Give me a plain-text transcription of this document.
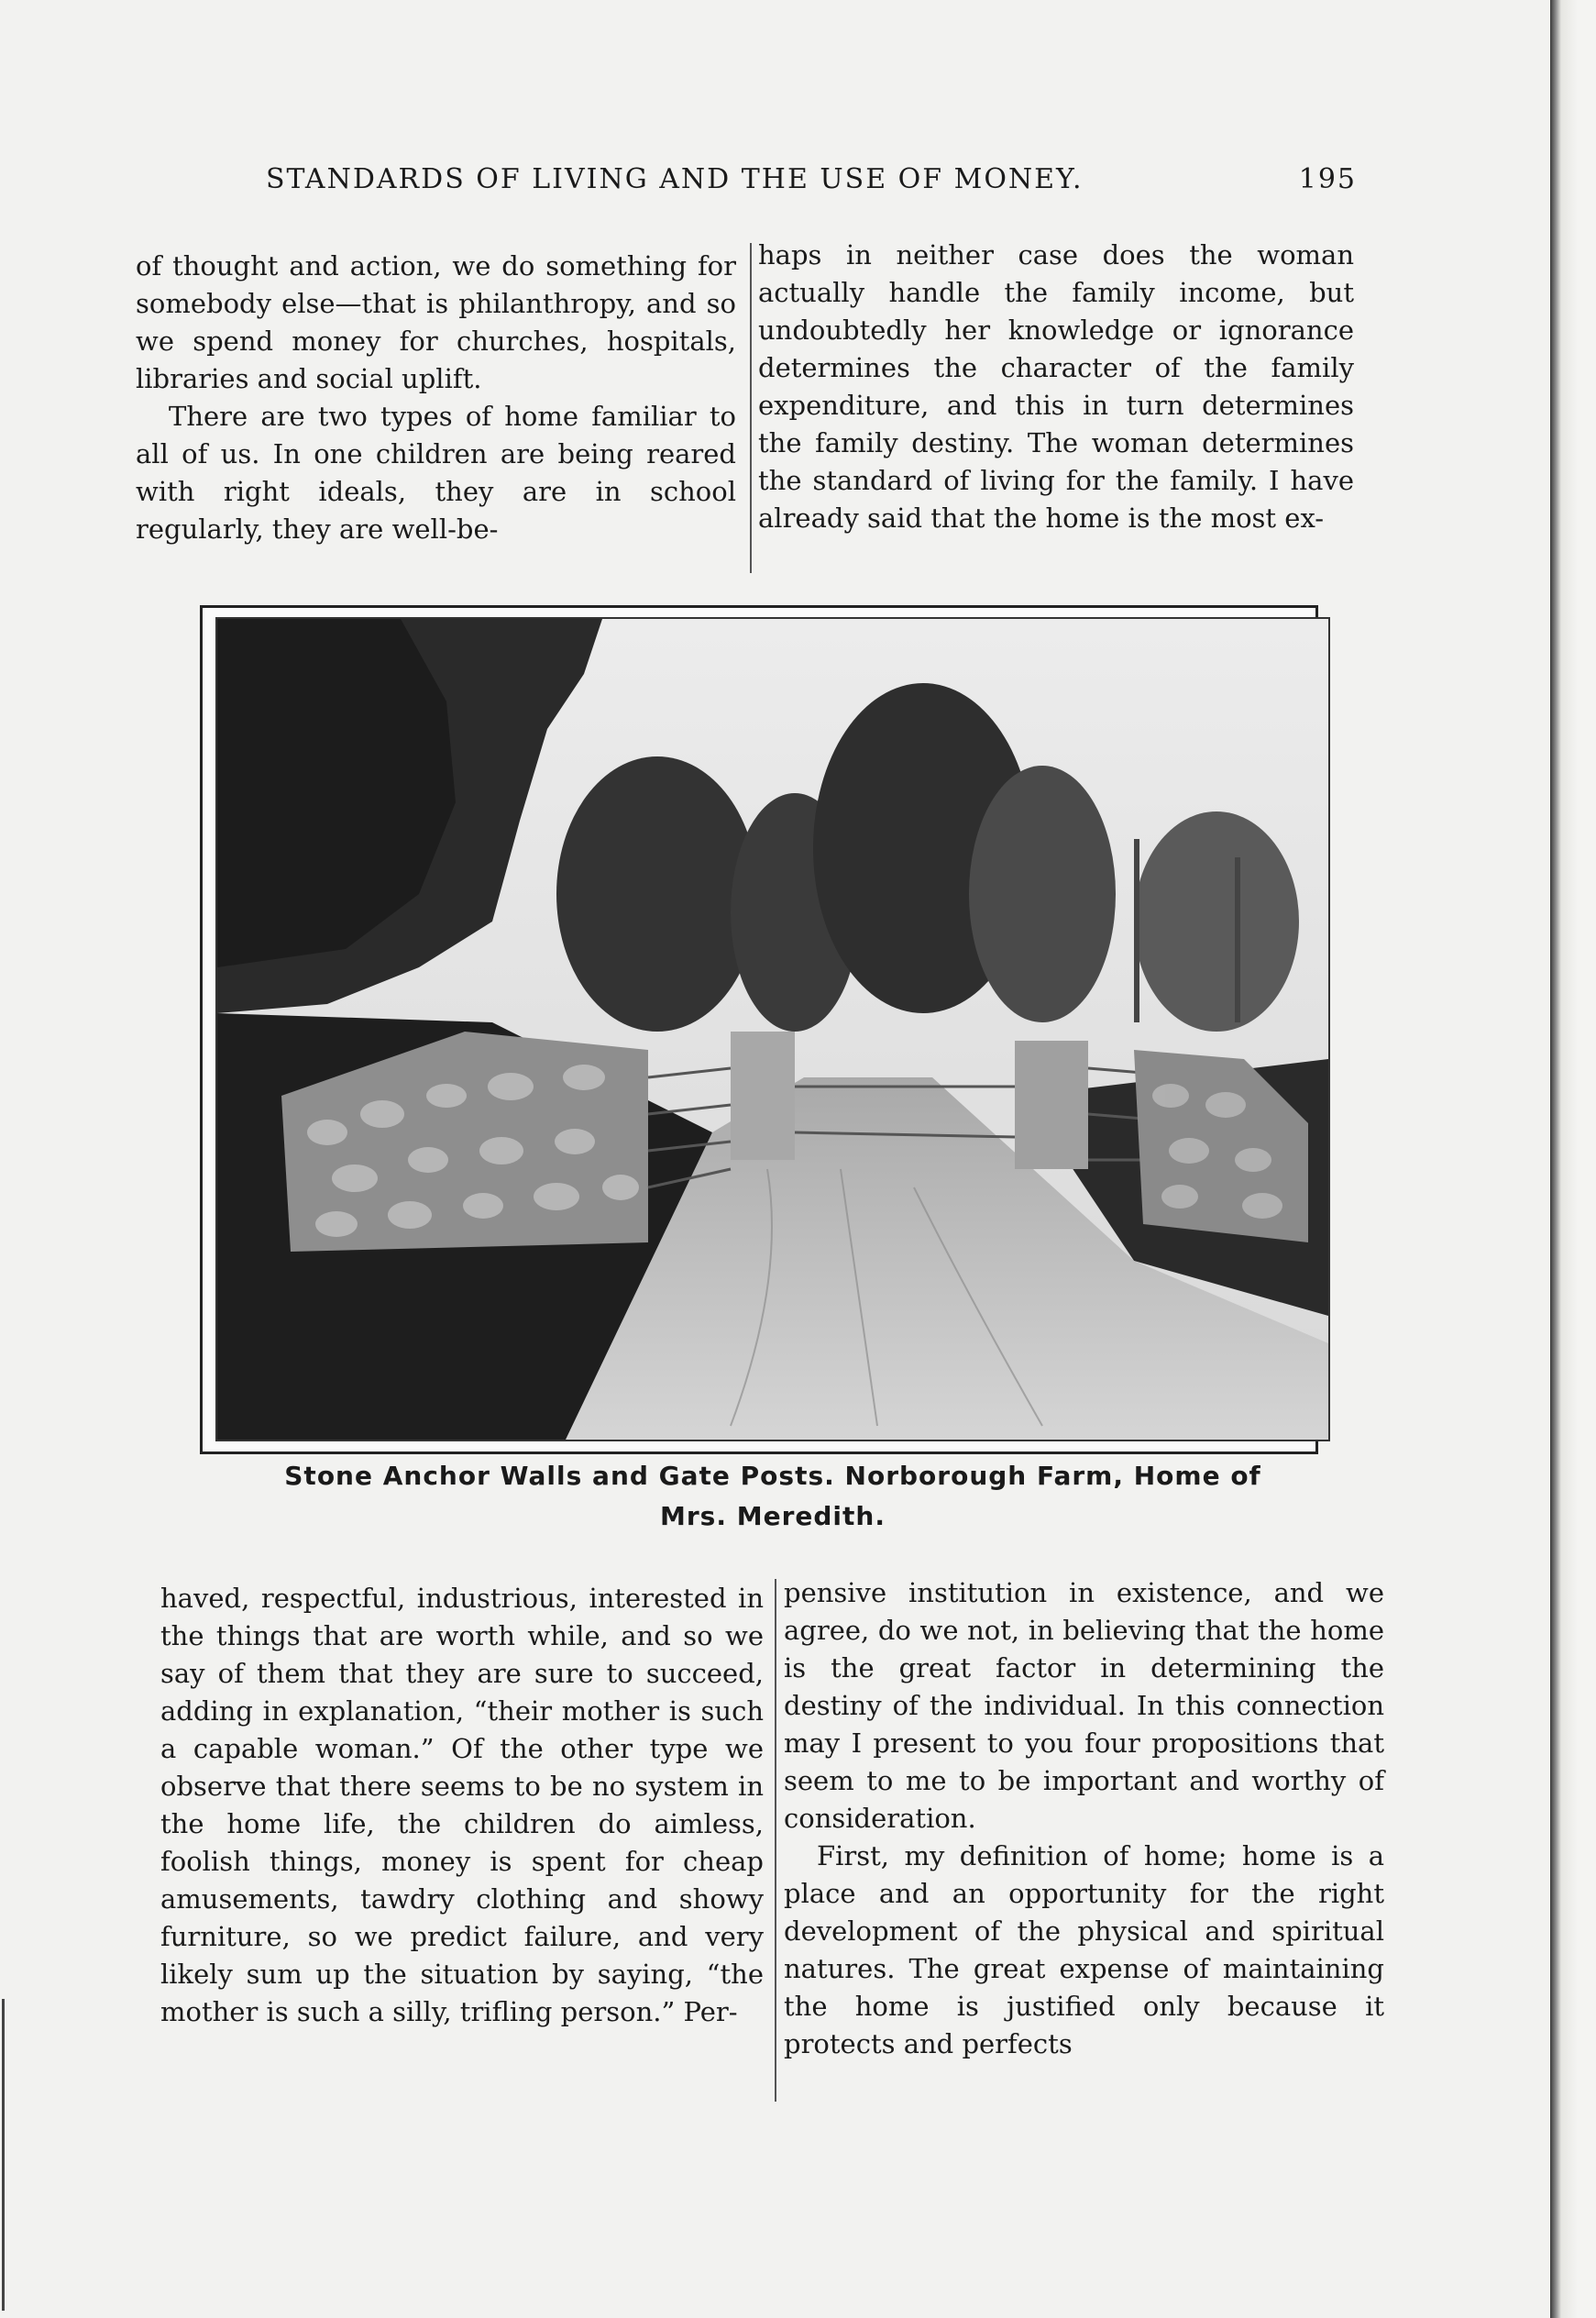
STANDARDS OF LIVING AND THE USE OF MONEY.	195

of thought and action, we do something for somebody else—that is philanthropy, and so we spend money for churches, hospitals, libraries and social uplift.

There are two types of home familiar to all of us. In one children are being reared with right ideals, they are in school regularly, they are well-be-

haps in neither case does the woman actually handle the family income, but undoubtedly her knowledge or ignorance determines the character of the family expenditure, and this in turn determines the family destiny. The woman determines the standard of living for the family. I have already said that the home is the most ex-

Stone Anchor Walls and Gate Posts. Norborough Farm, Home of
Mrs. Meredith.

haved, respectful, industrious, interested in the things that are worth while, and so we say of them that they are sure to succeed, adding in explanation, “their mother is such a capable woman.” Of the other type we observe that there seems to be no system in the home life, the children do aimless, foolish things, money is spent for cheap amusements, tawdry clothing and showy furniture, so we predict failure, and very likely sum up the situation by saying, “the mother is such a silly, trifling person.” Per-

pensive institution in existence, and we agree, do we not, in believing that the home is the great factor in determining the destiny of the individual. In this connection may I present to you four propositions that seem to me to be important and worthy of consideration.

First, my definition of home; home is a place and an opportunity for the right development of the physical and spiritual natures. The great expense of maintaining the home is justified only because it protects and perfects
